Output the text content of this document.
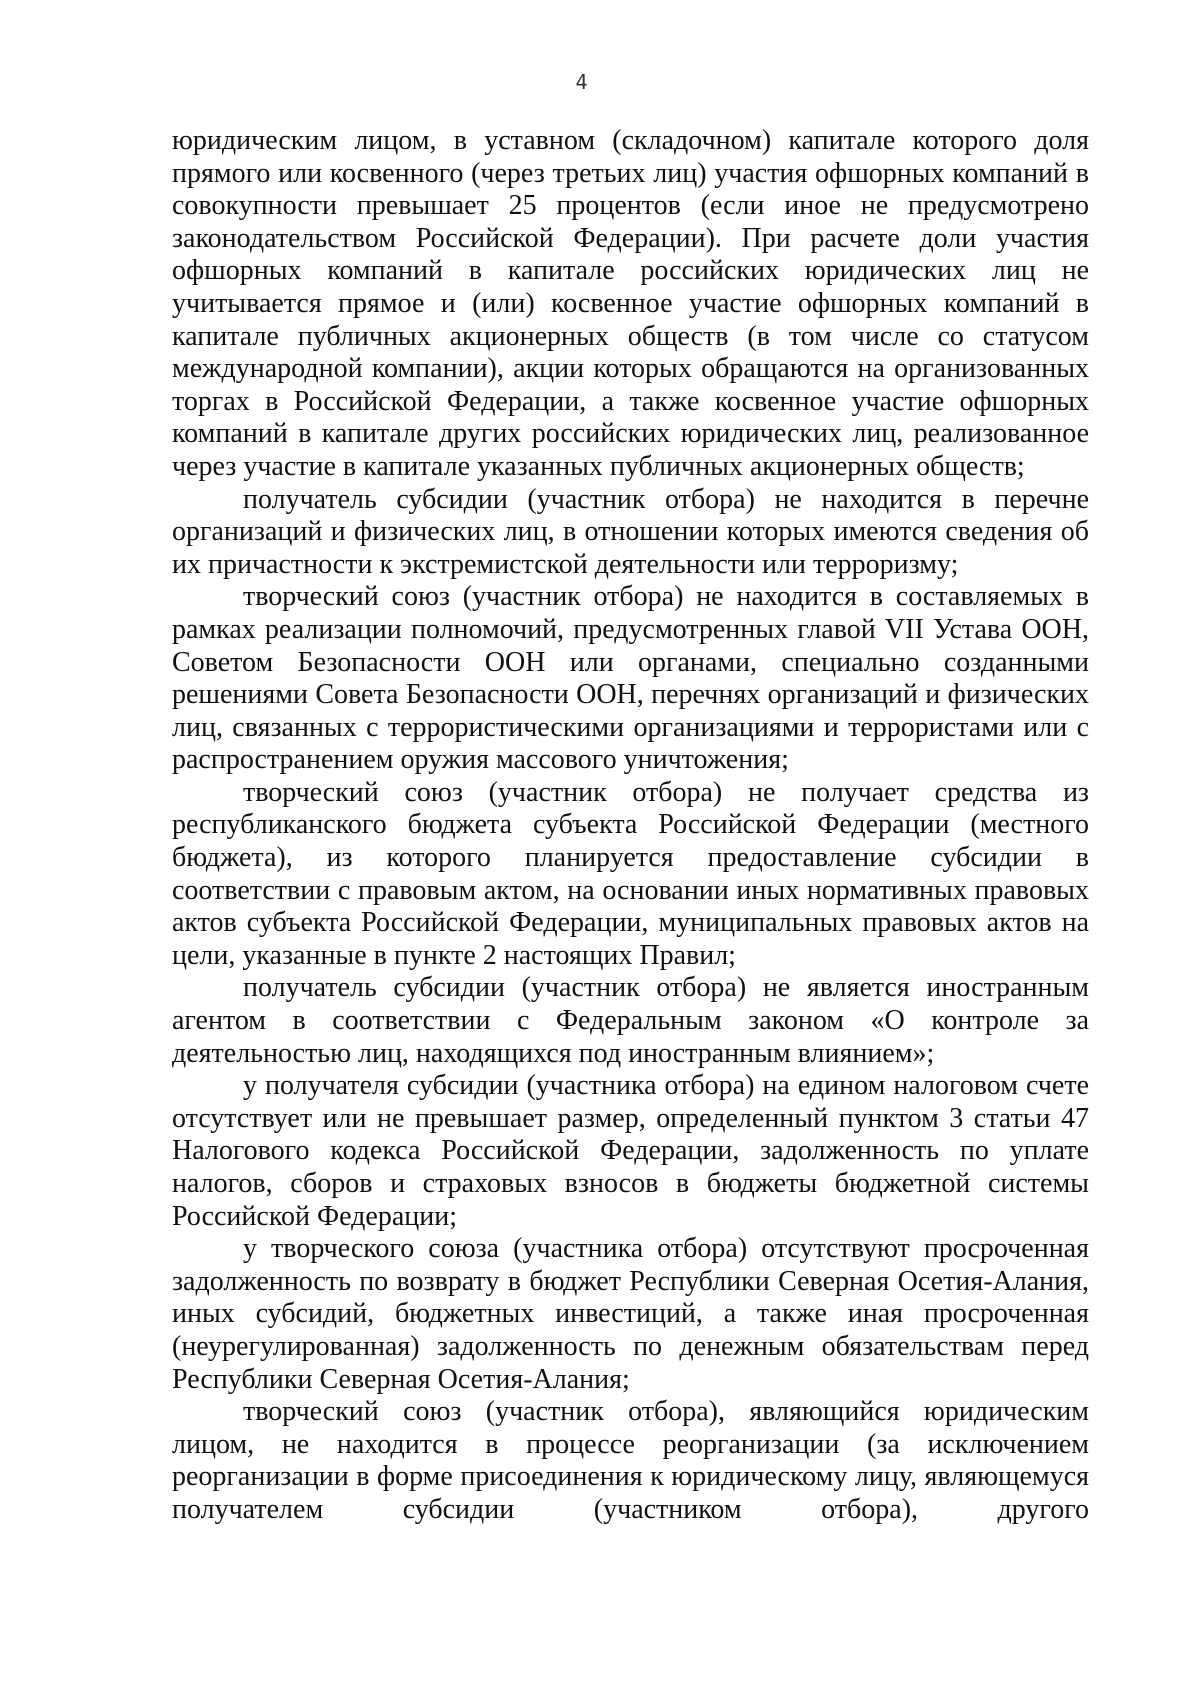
4

юридическим лицом, в уставном (складочном) капитале которого доля прямого или косвенного (через третьих лиц) участия офшорных компаний в совокупности превышает 25 процентов (если иное не предусмотрено законодательством Российской Федерации). При расчете доли участия офшорных компаний в капитале российских юридических лиц не учитывается прямое и (или) косвенное участие офшорных компаний в капитале публичных акционерных обществ (в том числе со статусом международной компании), акции которых обращаются на организованных торгах в Российской Федерации, а также косвенное участие офшорных компаний в капитале других российских юридических лиц, реализованное через участие в капитале указанных публичных акционерных обществ;

получатель субсидии (участник отбора) не находится в перечне организаций и физических лиц, в отношении которых имеются сведения об их причастности к экстремистской деятельности или терроризму;

творческий союз (участник отбора) не находится в составляемых в рамках реализации полномочий, предусмотренных главой VII Устава ООН, Советом Безопасности ООН или органами, специально созданными решениями Совета Безопасности ООН, перечнях организаций и физических лиц, связанных с террористическими организациями и террористами или с распространением оружия массового уничтожения;

творческий союз (участник отбора) не получает средства из республиканского бюджета субъекта Российской Федерации (местного бюджета), из которого планируется предоставление субсидии в соответствии с правовым актом, на основании иных нормативных правовых актов субъекта Российской Федерации, муниципальных правовых актов на цели, указанные в пункте 2 настоящих Правил;

получатель субсидии (участник отбора) не является иностранным агентом в соответствии с Федеральным законом «О контроле за деятельностью лиц, находящихся под иностранным влиянием»;

у получателя субсидии (участника отбора) на едином налоговом счете отсутствует или не превышает размер, определенный пунктом 3 статьи 47 Налогового кодекса Российской Федерации, задолженность по уплате налогов, сборов и страховых взносов в бюджеты бюджетной системы Российской Федерации;

у творческого союза (участника отбора) отсутствуют просроченная задолженность по возврату в бюджет Республики Северная Осетия-Алания, иных субсидий, бюджетных инвестиций, а также иная просроченная (неурегулированная) задолженность по денежным обязательствам перед Республики Северная Осетия-Алания;

творческий союз (участник отбора), являющийся юридическим лицом, не находится в процессе реорганизации (за исключением реорганизации в форме присоединения к юридическому лицу, являющемуся получателем субсидии (участником отбора), другого
